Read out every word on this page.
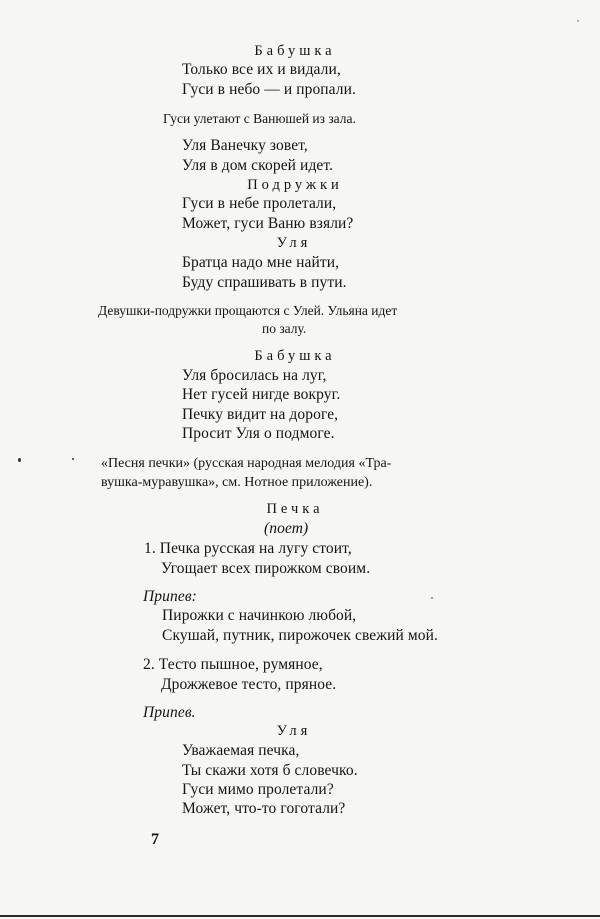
Бабушка
Только все их и видали,
Гуси в небо — и пропали.
Гуси улетают с Ванюшей из зала.
Уля Ванечку зовет,
Уля в дом скорей идет.
Подружки
Гуси в небе пролетали,
Может, гуси Ваню взяли?
Уля
Братца надо мне найти,
Буду спрашивать в пути.
Девушки-подружки прощаются с Улей. Ульяна идет
по залу.
Бабушка
Уля бросилась на луг,
Нет гусей нигде вокруг.
Печку видит на дороге,
Просит Уля о подмоге.
«Песня печки» (русская народная мелодия «Тра-
вушка-муравушка», см. Нотное приложение).
Печка
(поет)
1. Печка русская на лугу стоит,
Угощает всех пирожком своим.
Припев:
Пирожки с начинкою любой,
Скушай, путник, пирожочек свежий мой.
2. Тесто пышное, румяное,
Дрожжевое тесто, пряное.
Припев.
Уля
Уважаемая печка,
Ты скажи хотя б словечко.
Гуси мимо пролетали?
Может, что-то гоготали?
7
